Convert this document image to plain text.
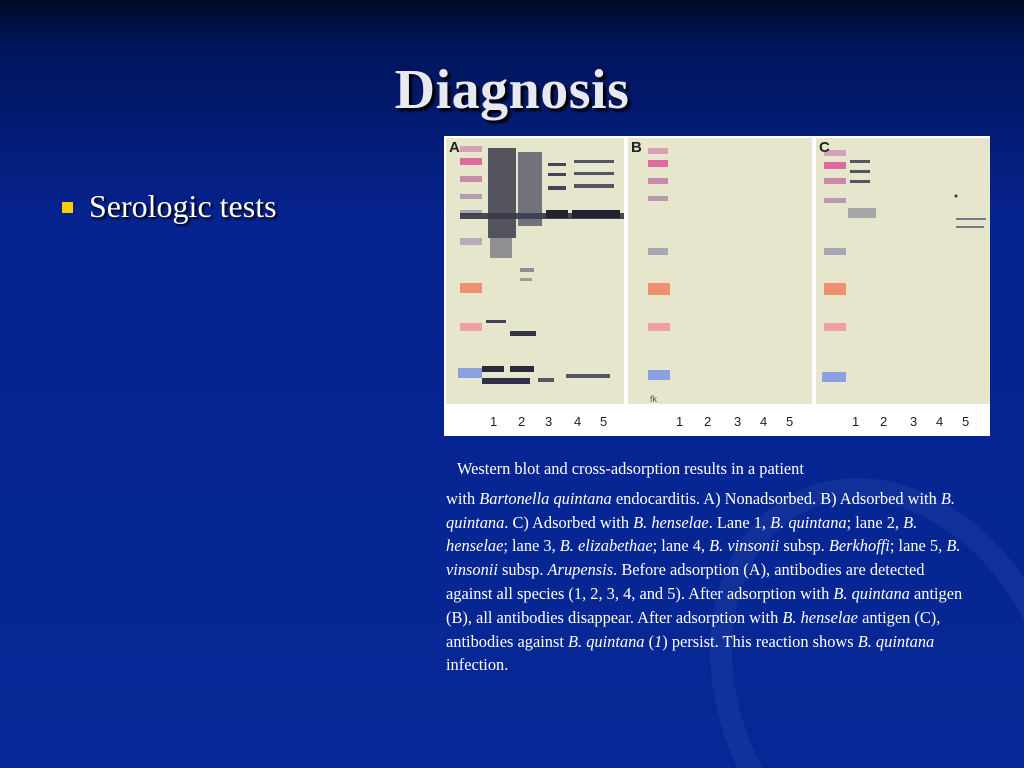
Diagnosis
Serologic tests
A	B
fk
C
1 2 3 4 5	1 2 3 4 5	1 2 3 4 5
Western blot and cross-adsorption results in a patient
with Bartonella quintana endocarditis. A) Nonadsorbed. B) Adsorbed with B. quintana. C) Adsorbed with B. henselae. Lane 1, B. quintana; lane 2, B. henselae; lane 3, B. elizabethae; lane 4, B. vinsonii subsp. Berkhoffi; lane 5, B. vinsonii subsp. Arupensis. Before adsorption (A), antibodies are detected against all species (1, 2, 3, 4, and 5). After adsorption with B. quintana antigen (B), all antibodies disappear. After adsorption with B. henselae antigen (C), antibodies against B. quintana (1) persist. This reaction shows B. quintana infection.
